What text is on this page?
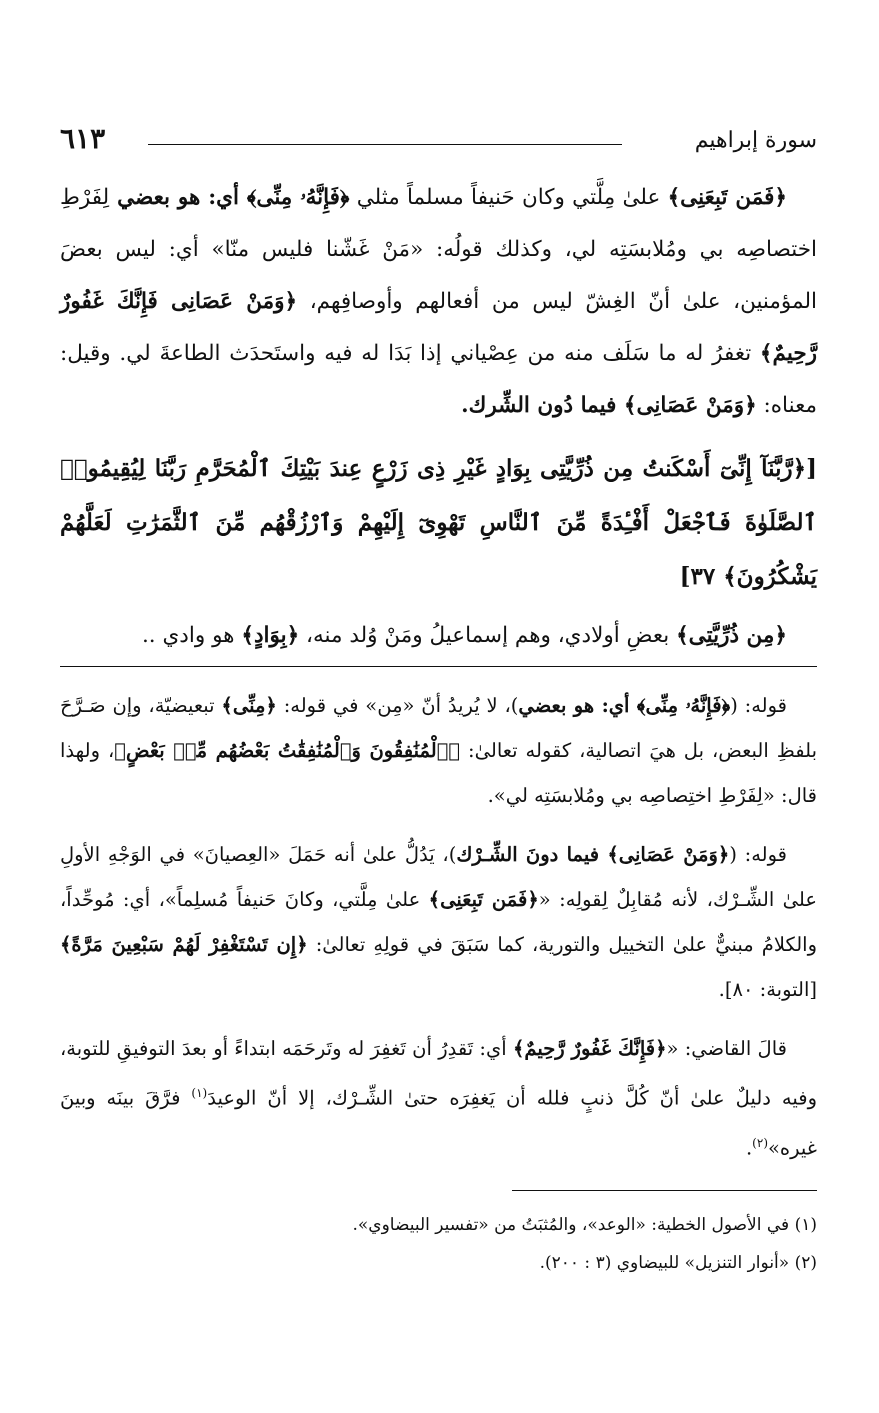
سورة إبراهيم
٦١٣

﴿فَمَن تَبِعَنِى﴾ علىٰ مِلَّتي وكان حَنيفاً مسلماً مثلي ﴿فَإِنَّهُۥ مِنِّى﴾ أي: هو بعضي لِفَرْطِ اختصاصِه بي ومُلابسَتِه لي، وكذلك قولُه: «مَنْ غَشّنا فليس منّا» أي: ليس بعضَ المؤمنين، علىٰ أنّ الغِشّ ليس من أفعالهم وأوصافِهم، ﴿وَمَنْ عَصَانِى فَإِنَّكَ غَفُورٌ رَّحِيمٌ﴾ تغفرُ له ما سَلَف منه من عِصْياني إذا بَدَا له فيه واستَحدَث الطاعةَ لي. وقيل: معناه: ﴿وَمَنْ عَصَانِى﴾ فيما دُون الشِّرك.

[﴿رَّبَّنَآ إِنِّىٓ أَسْكَنتُ مِن ذُرِّيَّتِى بِوَادٍ غَيْرِ ذِى زَرْعٍ عِندَ بَيْتِكَ ٱلْمُحَرَّمِ رَبَّنَا لِيُقِيمُوا۟ ٱلصَّلَوٰةَ فَٱجْعَلْ أَفْـِٔدَةً مِّنَ ٱلنَّاسِ تَهْوِىٓ إِلَيْهِمْ وَٱرْزُقْهُم مِّنَ ٱلثَّمَرَٰتِ لَعَلَّهُمْ يَشْكُرُونَ﴾ ٣٧]

﴿مِن ذُرِّيَّتِى﴾ بعضِ أولادي، وهم إسماعيلُ ومَنْ وُلد منه، ﴿بِوَادٍ﴾ هو وادي ..

قوله: (﴿فَإِنَّهُۥ مِنِّى﴾ أي: هو بعضي)، لا يُريدُ أنّ «مِن» في قوله: ﴿مِنِّى﴾ تبعيضيّة، وإن صَـرَّحَ بلفظِ البعض، بل هيَ اتصالية، كقوله تعالىٰ: ﴿ٱلْمُنَٰفِقُونَ وَٱلْمُنَٰفِقَٰتُ بَعْضُهُم مِّنۢ بَعْضٍ﴾، ولهذا قال: «لِفَرْطِ اختِصاصِه بي ومُلابسَتِه لي».

قوله: (﴿وَمَنْ عَصَانِى﴾ فيما دونَ الشِّـرْك)، يَدُلُّ علىٰ أنه حَمَلَ «العِصيانَ» في الوَجْهِ الأولِ علىٰ الشِّـرْك، لأنه مُقابِلٌ لِقولِه: «﴿فَمَن تَبِعَنِى﴾ علىٰ مِلَّتي، وكانَ حَنيفاً مُسلِماً»، أي: مُوحِّداً، والكلامُ مبنيٌّ علىٰ التخييل والتورية، كما سَبَقَ في قولِهِ تعالىٰ: ﴿إِن تَسْتَغْفِرْ لَهُمْ سَبْعِينَ مَرَّةً﴾ [التوبة: ٨٠].

قالَ القاضي: «﴿فَإِنَّكَ غَفُورٌ رَّحِيمٌ﴾ أي: تَقدِرُ أن تَغفِرَ له وتَرحَمَه ابتداءً أو بعدَ التوفيقِ للتوبة، وفيه دليلٌ علىٰ أنّ كُلَّ ذنبٍ فلله أن يَغفِرَه حتىٰ الشِّـرْك، إلا أنّ الوعيدَ$^{(١)}$ فرَّقَ بينَه وبينَ غيره»$^{(٢)}$.

(١) في الأصول الخطية: «الوعد»، والمُثبَتُ من «تفسير البيضاوي».

(٢) «أنوار التنزيل» للبيضاوي (٣ : ٢٠٠).
